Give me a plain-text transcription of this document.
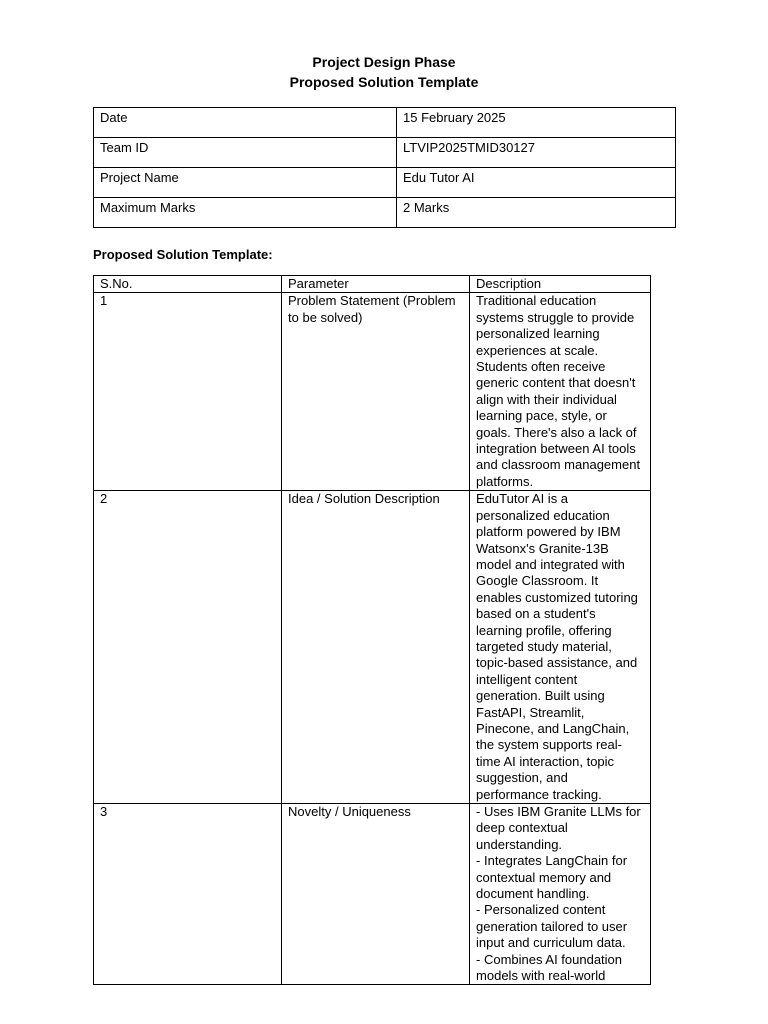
Project Design Phase
Proposed Solution Template
Date	15 February 2025
Team ID	LTVIP2025TMID30127
Project Name	Edu Tutor AI
Maximum Marks	2 Marks
Proposed Solution Template:
S.No.	Parameter	Description
1	Problem Statement (Problem to be solved)	Traditional education systems struggle to provide personalized learning experiences at scale. Students often receive generic content that doesn't align with their individual learning pace, style, or goals. There's also a lack of integration between AI tools and classroom management platforms.
2	Idea / Solution Description	EduTutor AI is a personalized education platform powered by IBM Watsonx's Granite-13B model and integrated with Google Classroom. It enables customized tutoring based on a student's learning profile, offering targeted study material, topic-based assistance, and intelligent content generation. Built using FastAPI, Streamlit, Pinecone, and LangChain, the system supports real-time AI interaction, topic suggestion, and performance tracking.
3	Novelty / Uniqueness	- Uses IBM Granite LLMs for deep contextual understanding.
- Integrates LangChain for contextual memory and document handling.
- Personalized content generation tailored to user input and curriculum data.
- Combines AI foundation models with real-world
